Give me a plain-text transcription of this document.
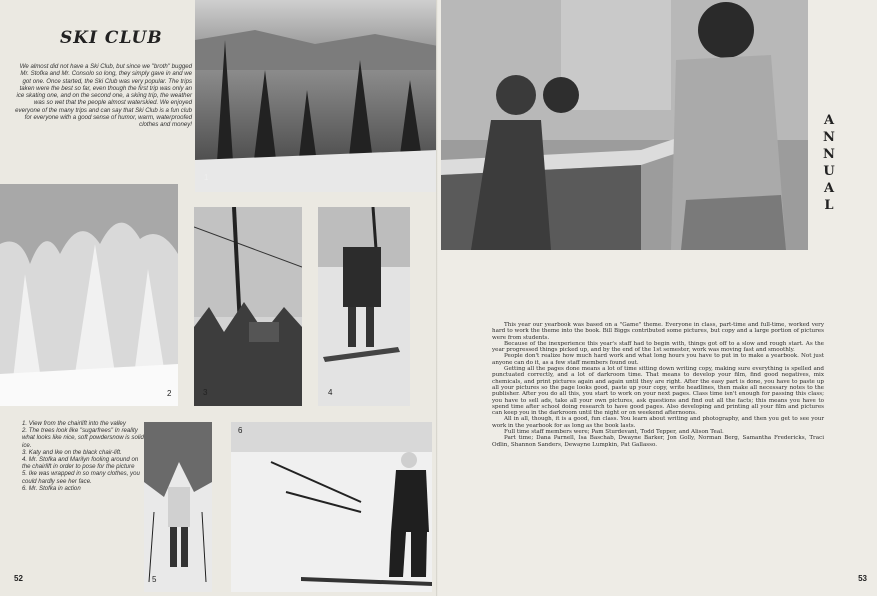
SKI CLUB

We almost did not have a Ski Club, but since we "broth" bugged Mr. Stofka and Mr. Consolo so long, they simply gave in and we got one. Once started, the Ski Club was very popular. The trips taken were the best so far, even though the first trip was only an ice skating one, and on the second one, a skiing trip, the weather was so wet that the people almost waterskied. We enjoyed everyone of the many trips and can say that Ski Club is a fun club for everyone with a good sense of humor, warm, waterproofed clothes and money!

1
2	3	4
1. View from the chairlift into the valley
2. The trees look like "sugarfrees" In reality what looks like nice, soft powdersnow is solid ice.
3. Katy and Ike on the black chair-lift.
4. Mr. Stofka and Marilyn fooling around on the chairlift in order to pose for the picture
5. Ike was wrapped in so many clothes, you could hardly see her face.
6. Mr. Stofka in action
5
6
52
A
N
N
U
A
L

This year our yearbook was based on a "Game" theme. Everyone in class, part-time and full-time, worked very hard to work the theme into the book. Bill Biggs contributed some pictures, but copy and a large portion of pictures were from students.

Because of the inexperience this year's staff had to begin with, things got off to a slow and rough start. As the year progressed things picked up, and by the end of the 1st semester, work was moving fast and smoothly.

People don't realize how much hard work and what long hours you have to put in to make a yearbook. Not just anyone can do it, as a few staff members found out.

Getting all the pages done means a lot of time sitting down writing copy, making sure everything is spelled and punctuated correctly, and a lot of darkroom time. That means to develop your film, find good negatives, mix chemicals, and print pictures again and again until they are right. After the easy part is done, you have to paste up all your pictures so the page looks good, paste up your copy, write headlines, then make all necessary notes to the publisher. After you do all this, you start to work on your next pages. Class time isn't enough for passing this class; you have to sell ads, take all your own pictures, ask questions and find out all the facts; this means you have to spend time after school doing research to have good pages. Also developing and printing all your film and pictures can keep you in the darkroom until the night or on weekend afternoons.

All in all, though, it is a good, fun class. You learn about writing and photography, and then you get to see your work in the yearbook for as long as the book lasts.

Full time staff members were; Pam Sturdevant, Todd Tepper, and Alison Teal.

Part time; Dana Parnell, Isa Baschab, Dwayne Barker, Jon Golly, Norman Berg, Samantha Fredericks, Traci Odlin, Shannon Sanders, Dewayne Lumpkin, Pat Gallasso.

53
